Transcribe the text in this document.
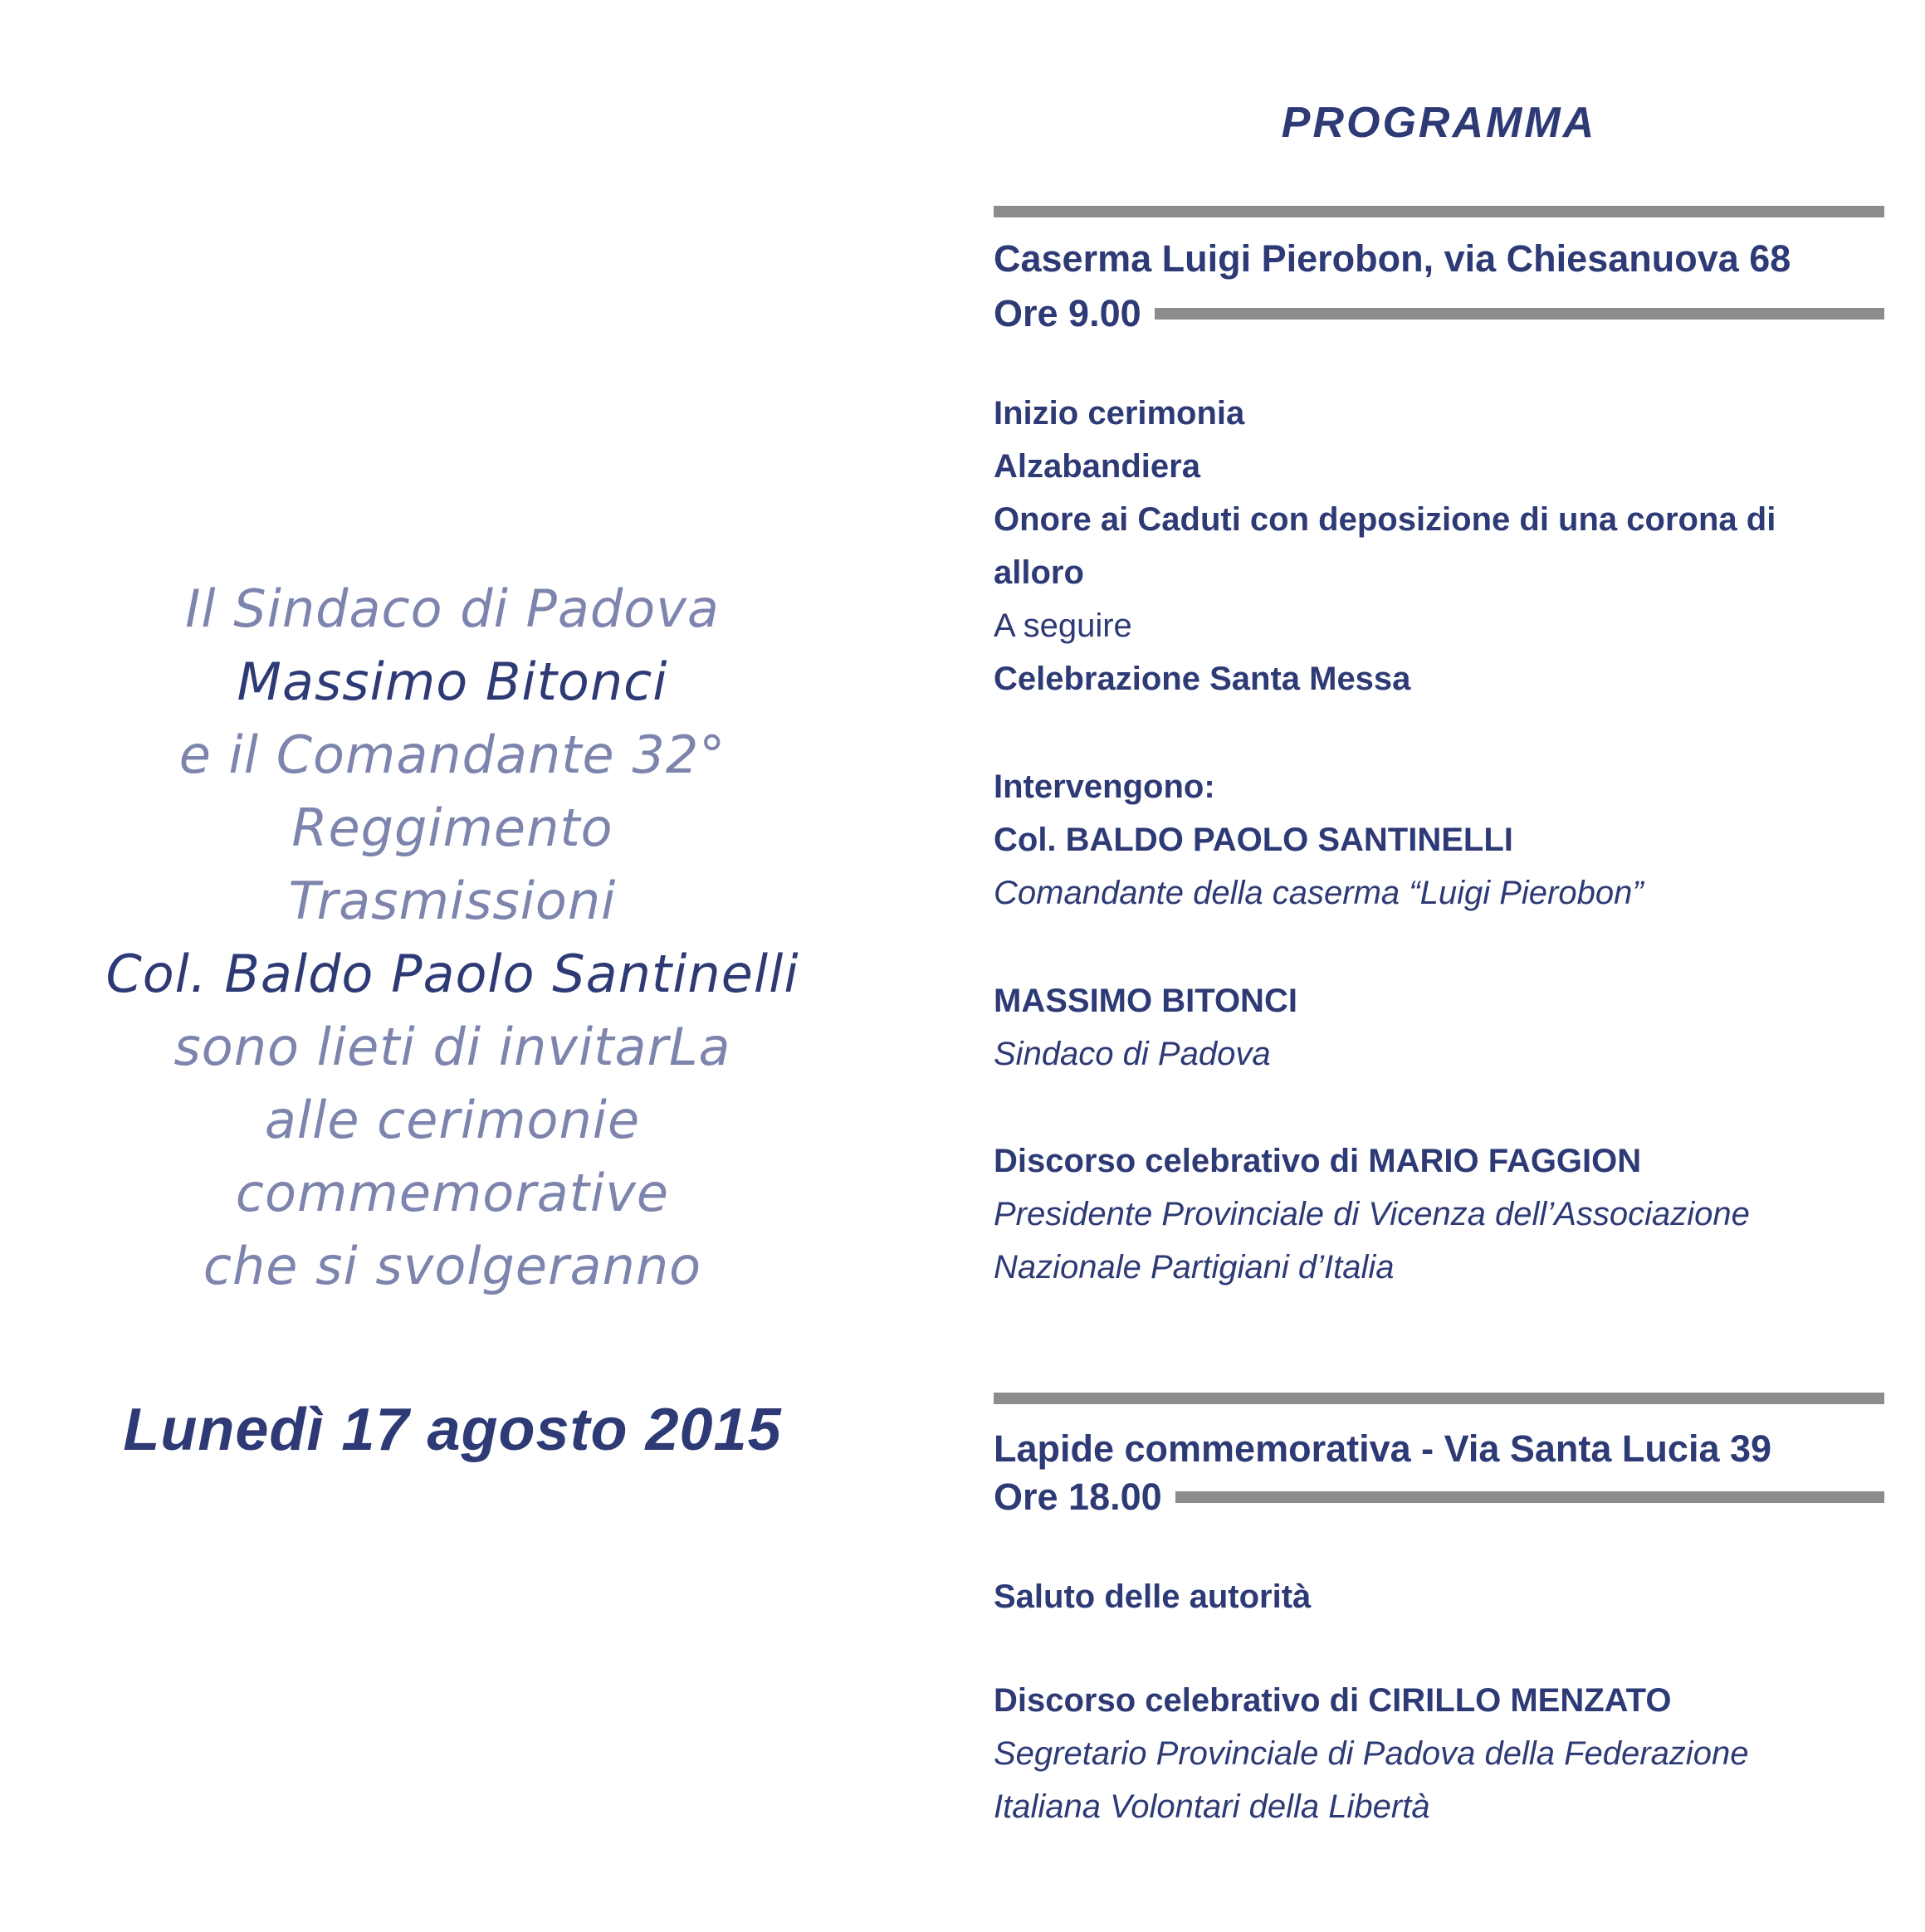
Il Sindaco di Padova
Massimo Bitonci
e il Comandante 32° Reggimento
Trasmissioni
Col. Baldo Paolo Santinelli
sono lieti di invitarLa
alle cerimonie commemorative
che si svolgeranno
Lunedì 17 agosto 2015
PROGRAMMA
Caserma Luigi Pierobon, via Chiesanuova 68
Ore 9.00
Inizio cerimonia
Alzabandiera
Onore ai Caduti con deposizione di una corona di
alloro
A seguire
Celebrazione Santa Messa
Intervengono:
Col. BALDO PAOLO SANTINELLI
Comandante della caserma “Luigi Pierobon”
MASSIMO BITONCI
Sindaco di Padova
Discorso celebrativo di MARIO FAGGION
Presidente Provinciale di Vicenza dell’Associazione
Nazionale Partigiani d’Italia
Lapide commemorativa - Via Santa Lucia 39
Ore 18.00
Saluto delle autorità
Discorso celebrativo di CIRILLO MENZATO
Segretario Provinciale di Padova della Federazione
Italiana Volontari della Libertà
